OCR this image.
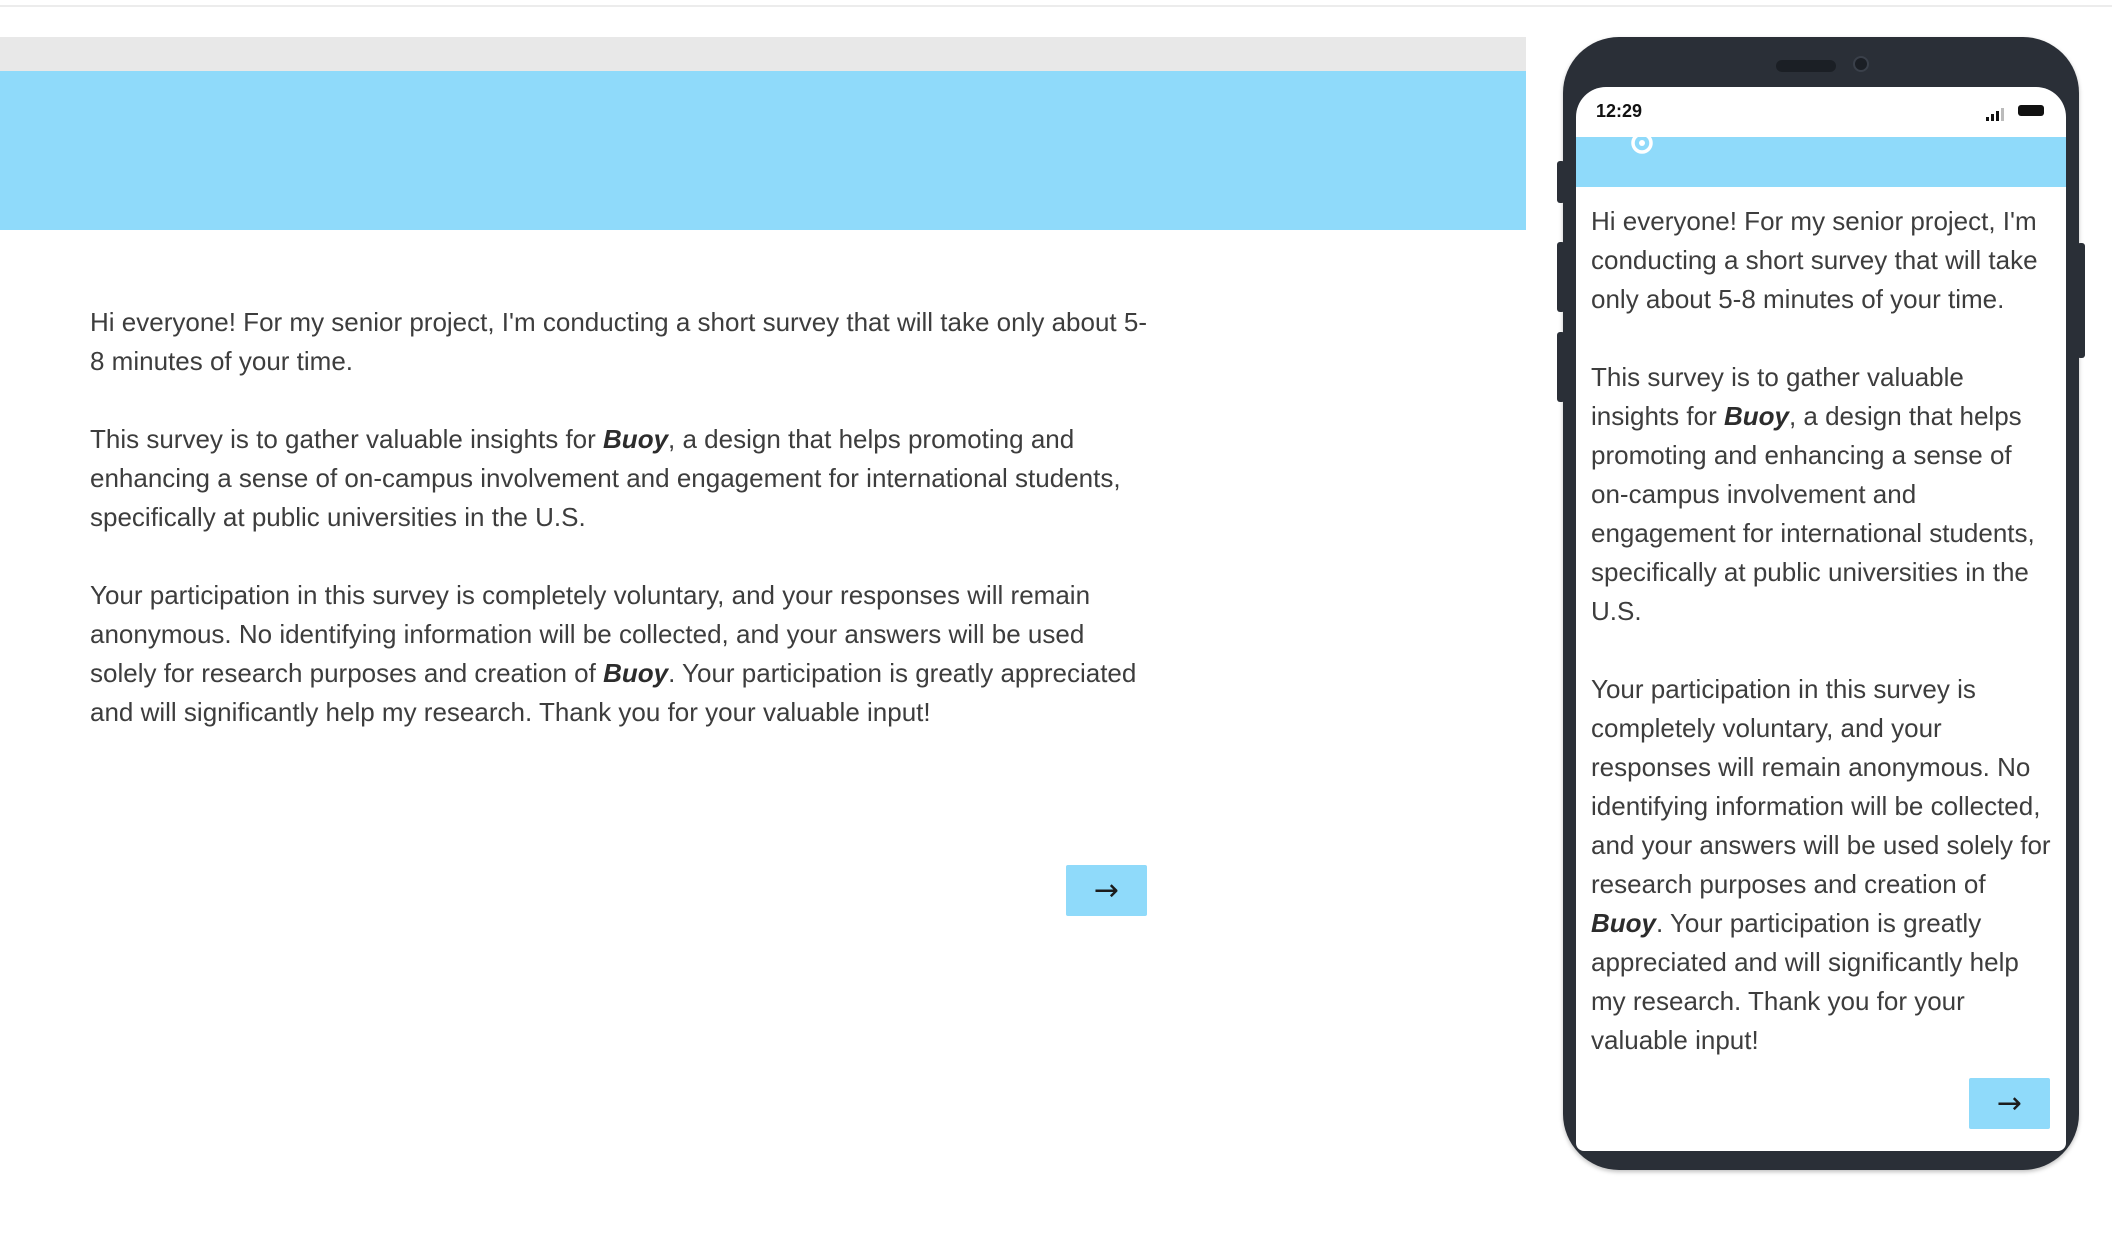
Hi everyone! For my senior project, I'm conducting a short survey that will take only about 5-8 minutes of your time.

This survey is to gather valuable insights for Buoy, a design that helps promoting and enhancing a sense of on-campus involvement and engagement for international students, specifically at public universities in the U.S.

Your participation in this survey is completely voluntary, and your responses will remain anonymous. No identifying information will be collected, and your answers will be used solely for research purposes and creation of Buoy. Your participation is greatly appreciated and will significantly help my research. Thank you for your valuable input!

→
12:29

Hi everyone! For my senior project, I'm conducting a short survey that will take only about 5-8 minutes of your time.

This survey is to gather valuable insights for Buoy, a design that helps promoting and enhancing a sense of on-campus involvement and engagement for international students, specifically at public universities in the U.S.

Your participation in this survey is completely voluntary, and your responses will remain anonymous. No identifying information will be collected, and your answers will be used solely for research purposes and creation of Buoy. Your participation is greatly appreciated and will significantly help my research. Thank you for your valuable input!

→
